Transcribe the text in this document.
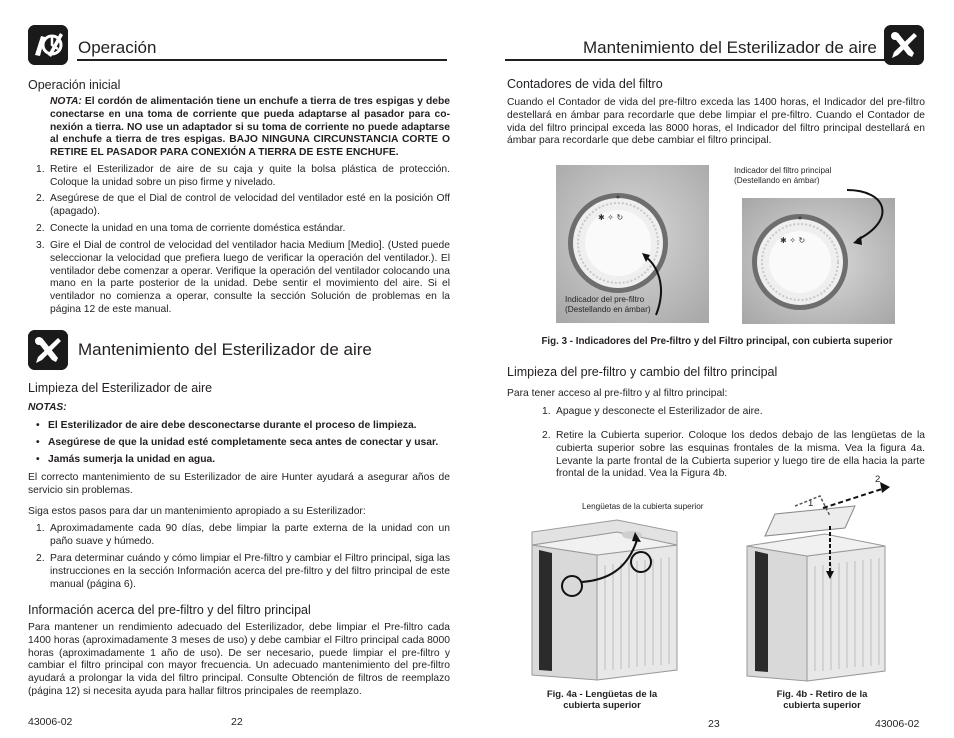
Operación
Operación inicial
NOTA: El cordón de alimentación tiene un enchufe a tierra de tres espigas y debe conectarse en una toma de corriente que pueda adaptarse al pasador para co-nexión a tierra. NO use un adaptador si su toma de corriente no puede adaptarse al enchufe a tierra de tres espigas. BAJO NINGUNA CIRCUNSTANCIA CORTE O RETIRE EL PASADOR PARA CONEXIÓN A TIERRA DE ESTE ENCHUFE.
1. Retire el Esterilizador de aire de su caja y quite la bolsa plástica de protección. Coloque la unidad sobre un piso firme y nivelado.
2. Asegúrese de que el Dial de control de velocidad del ventilador esté en la posición Off (apagado).
2. Conecte la unidad en una toma de corriente doméstica estándar.
3. Gire el Dial de control de velocidad del ventilador hacia Medium [Medio]. (Usted puede seleccionar la velocidad que prefiera luego de verificar la operación del ventilador.). El ventilador debe comenzar a operar. Verifique la operación del ventilador colocando una mano en la parte posterior de la unidad. Debe sentir el movimiento del aire. Si el ventilador no comienza a operar, consulte la sección Solución de problemas en la página 12 de este manual.
Mantenimiento del Esterilizador de aire
Limpieza del Esterilizador de aire
NOTAS:
• El Esterilizador de aire debe desconectarse durante el proceso de limpieza.
• Asegúrese de que la unidad esté completamente seca antes de conectar y usar.
• Jamás sumerja la unidad en agua.
El correcto mantenimiento de su Esterilizador de aire Hunter ayudará a asegurar años de servicio sin problemas.
Siga estos pasos para dar un mantenimiento apropiado a su Esterilizador:
1. Aproximadamente cada 90 días, debe limpiar la parte externa de la unidad con un paño suave y húmedo.
2. Para determinar cuándo y cómo limpiar el Pre-filtro y cambiar el Filtro principal, siga las instrucciones en la sección Información acerca del pre-filtro y del filtro principal de este manual (página 6).
Información acerca del pre-filtro y del filtro principal
Para mantener un rendimiento adecuado del Esterilizador, debe limpiar el Pre-filtro cada 1400 horas (aproximadamente 3 meses de uso) y debe cambiar el Filtro principal cada 8000 horas (aproximadamente 1 año de uso). De ser necesario, puede limpiar el pre-filtro y cambiar el filtro principal con mayor frecuencia. Un adecuado mantenimiento del pre-filtro ayudará a prolongar la vida del filtro principal. Consulte Obtención de filtros de reemplazo (página 12) si necesita ayuda para hallar filtros principales de reemplazo.
43006-02	22
Mantenimiento del Esterilizador de aire
Contadores de vida del filtro
Cuando el Contador de vida del pre-filtro exceda las 1400 horas, el Indicador del pre-filtro destellará en ámbar para recordarle que debe limpiar el pre-filtro. Cuando el Contador de vida del filtro principal exceda las 8000 horas, el Indicador del filtro principal destellará en ámbar para recordarle que debe cambiar el filtro principal.
✱ ✧ ↻
Indicador del pre-filtro
(Destellando en ámbar)
✱ ✧ ↻
Indicador del filtro principal
(Destellando en ámbar)
Fig. 3 - Indicadores del Pre-filtro y del Filtro principal, con cubierta superior
Limpieza del pre-filtro y cambio del filtro principal
Para tener acceso al pre-filtro y al filtro principal:
1. Apague y desconecte el Esterilizador de aire.
2. Retire la Cubierta superior. Coloque los dedos debajo de las lengüetas de la cubierta superior sobre las esquinas frontales de la misma. Vea la figura 4a. Levante la parte frontal de la Cubierta superior y luego tire de ella hacia la parte frontal de la unidad. Vea la Figura 4b.
Lengüetas de la cubierta superior
Fig. 4a - Lengüetas de la
cubierta superior
1
2
Fig. 4b - Retiro de la
cubierta superior
23	43006-02
